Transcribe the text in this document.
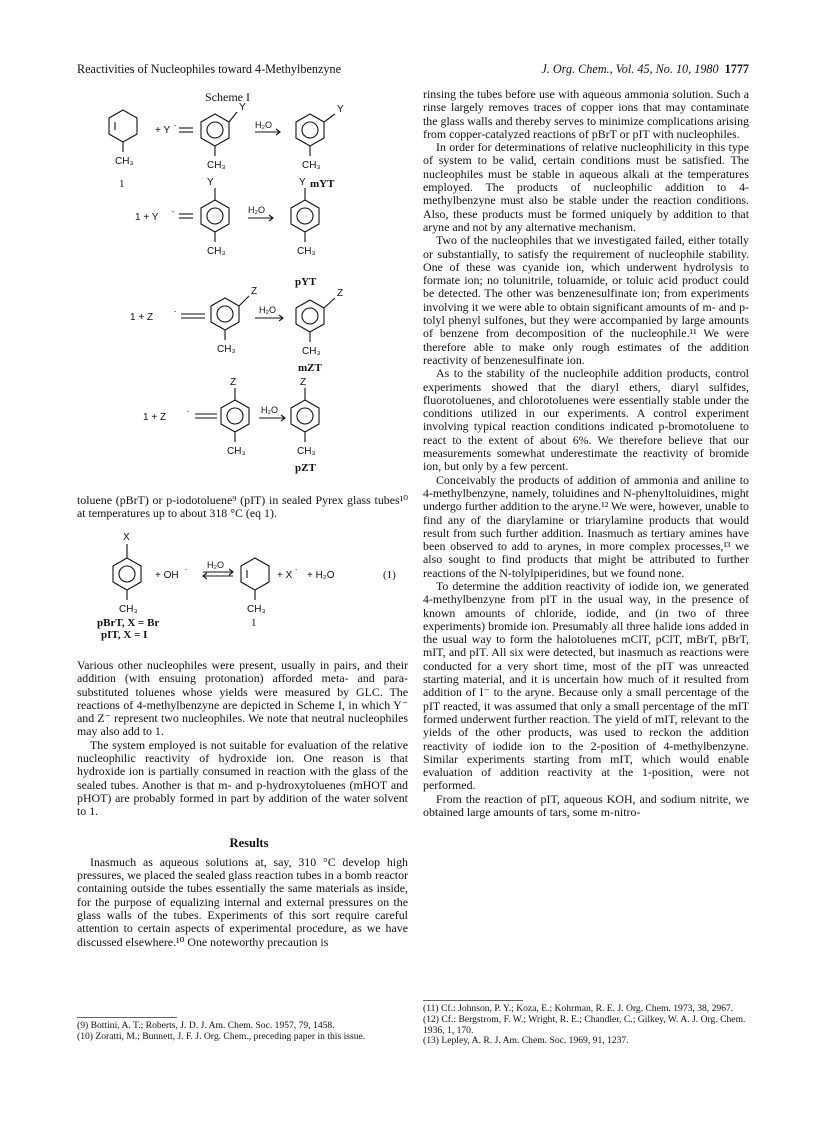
Reactivities of Nucleophiles toward 4-Methylbenzyne	J. Org. Chem., Vol. 45, No. 10, 1980 1777
Scheme I
+ Y -
Y	Y
H₂O
CH₃	CH₃	CH₃
Y	Y
1 + Y -	H₂O
CH₃	CH₃
1 + Z	-
Z	Z
H₂O
CH₃	CH₃
Z	Z
1 + Z	-	H₂O
CH₃	CH₃
1	mYT
pYT
mZT
pZT

toluene (pBrT) or p-iodotoluene⁹ (pIT) in sealed Pyrex glass tubes¹⁰ at temperatures up to about 318 °C (eq 1).

X
+ OH -
H₂O
+ X - + H₂O
CH₃	CH₃
(1)
pBrT, X = Br
pIT, X = I
1

Various other nucleophiles were present, usually in pairs, and their addition (with ensuing protonation) afforded meta- and para-substituted toluenes whose yields were measured by GLC. The reactions of 4-methylbenzyne are depicted in Scheme I, in which Y⁻ and Z⁻ represent two nucleophiles. We note that neutral nucleophiles may also add to 1.

The system employed is not suitable for evaluation of the relative nucleophilic reactivity of hydroxide ion. One reason is that hydroxide ion is partially consumed in reaction with the glass of the sealed tubes. Another is that m- and p-hydroxytoluenes (mHOT and pHOT) are probably formed in part by addition of the water solvent to 1.

Results

Inasmuch as aqueous solutions at, say, 310 °C develop high pressures, we placed the sealed glass reaction tubes in a bomb reactor containing outside the tubes essentially the same materials as inside, for the purpose of equalizing internal and external pressures on the glass walls of the tubes. Experiments of this sort require careful attention to certain aspects of experimental procedure, as we have discussed elsewhere.¹⁰ One noteworthy precaution is

(9) Bottini, A. T.; Roberts, J. D. J. Am. Chem. Soc. 1957, 79, 1458.
(10) Zoratti, M.; Bunnett, J. F. J. Org. Chem., preceding paper in this issue.

rinsing the tubes before use with aqueous ammonia solution. Such a rinse largely removes traces of copper ions that may contaminate the glass walls and thereby serves to minimize complications arising from copper-catalyzed reactions of pBrT or pIT with nucleophiles.

In order for determinations of relative nucleophilicity in this type of system to be valid, certain conditions must be satisfied. The nucleophiles must be stable in aqueous alkali at the temperatures employed. The products of nucleophilic addition to 4-methylbenzyne must also be stable under the reaction conditions. Also, these products must be formed uniquely by addition to that aryne and not by any alternative mechanism.

Two of the nucleophiles that we investigated failed, either totally or substantially, to satisfy the requirement of nucleophile stability. One of these was cyanide ion, which underwent hydrolysis to formate ion; no tolunitrile, toluamide, or toluic acid product could be detected. The other was benzenesulfinate ion; from experiments involving it we were able to obtain significant amounts of m- and p-tolyl phenyl sulfones, but they were accompanied by large amounts of benzene from decomposition of the nucleophile.¹¹ We were therefore able to make only rough estimates of the addition reactivity of benzenesulfinate ion.

As to the stability of the nucleophile addition products, control experiments showed that the diaryl ethers, diaryl sulfides, fluorotoluenes, and chlorotoluenes were essentially stable under the conditions utilized in our experiments. A control experiment involving typical reaction conditions indicated p-bromotoluene to react to the extent of about 6%. We therefore believe that our measurements somewhat underestimate the reactivity of bromide ion, but only by a few percent.

Conceivably the products of addition of ammonia and aniline to 4-methylbenzyne, namely, toluidines and N-phenyltoluidines, might undergo further addition to the aryne.¹² We were, however, unable to find any of the diarylamine or triarylamine products that would result from such further addition. Inasmuch as tertiary amines have been observed to add to arynes, in more complex processes,¹³ we also sought to find products that might be attributed to further reactions of the N-tolylpiperidines, but we found none.

To determine the addition reactivity of iodide ion, we generated 4-methylbenzyne from pIT in the usual way, in the presence of known amounts of chloride, iodide, and (in two of three experiments) bromide ion. Presumably all three halide ions added in the usual way to form the halotoluenes mClT, pClT, mBrT, pBrT, mIT, and pIT. All six were detected, but inasmuch as reactions were conducted for a very short time, most of the pIT was unreacted starting material, and it is uncertain how much of it resulted from addition of I⁻ to the aryne. Because only a small percentage of the pIT reacted, it was assumed that only a small percentage of the mIT formed underwent further reaction. The yield of mIT, relevant to the yields of the other products, was used to reckon the addition reactivity of iodide ion to the 2-position of 4-methylbenzyne. Similar experiments starting from mIT, which would enable evaluation of addition reactivity at the 1-position, were not performed.

From the reaction of pIT, aqueous KOH, and sodium nitrite, we obtained large amounts of tars, some m-nitro-

(11) Cf.: Johnson, P. Y.; Koza, E.; Kohrman, R. E. J. Org. Chem. 1973, 38, 2967.
(12) Cf.: Bergstrom, F. W.; Wright, R. E.; Chandler, C.; Gilkey, W. A. J. Org. Chem. 1936, 1, 170.
(13) Lepley, A. R. J. Am. Chem. Soc. 1969, 91, 1237.
